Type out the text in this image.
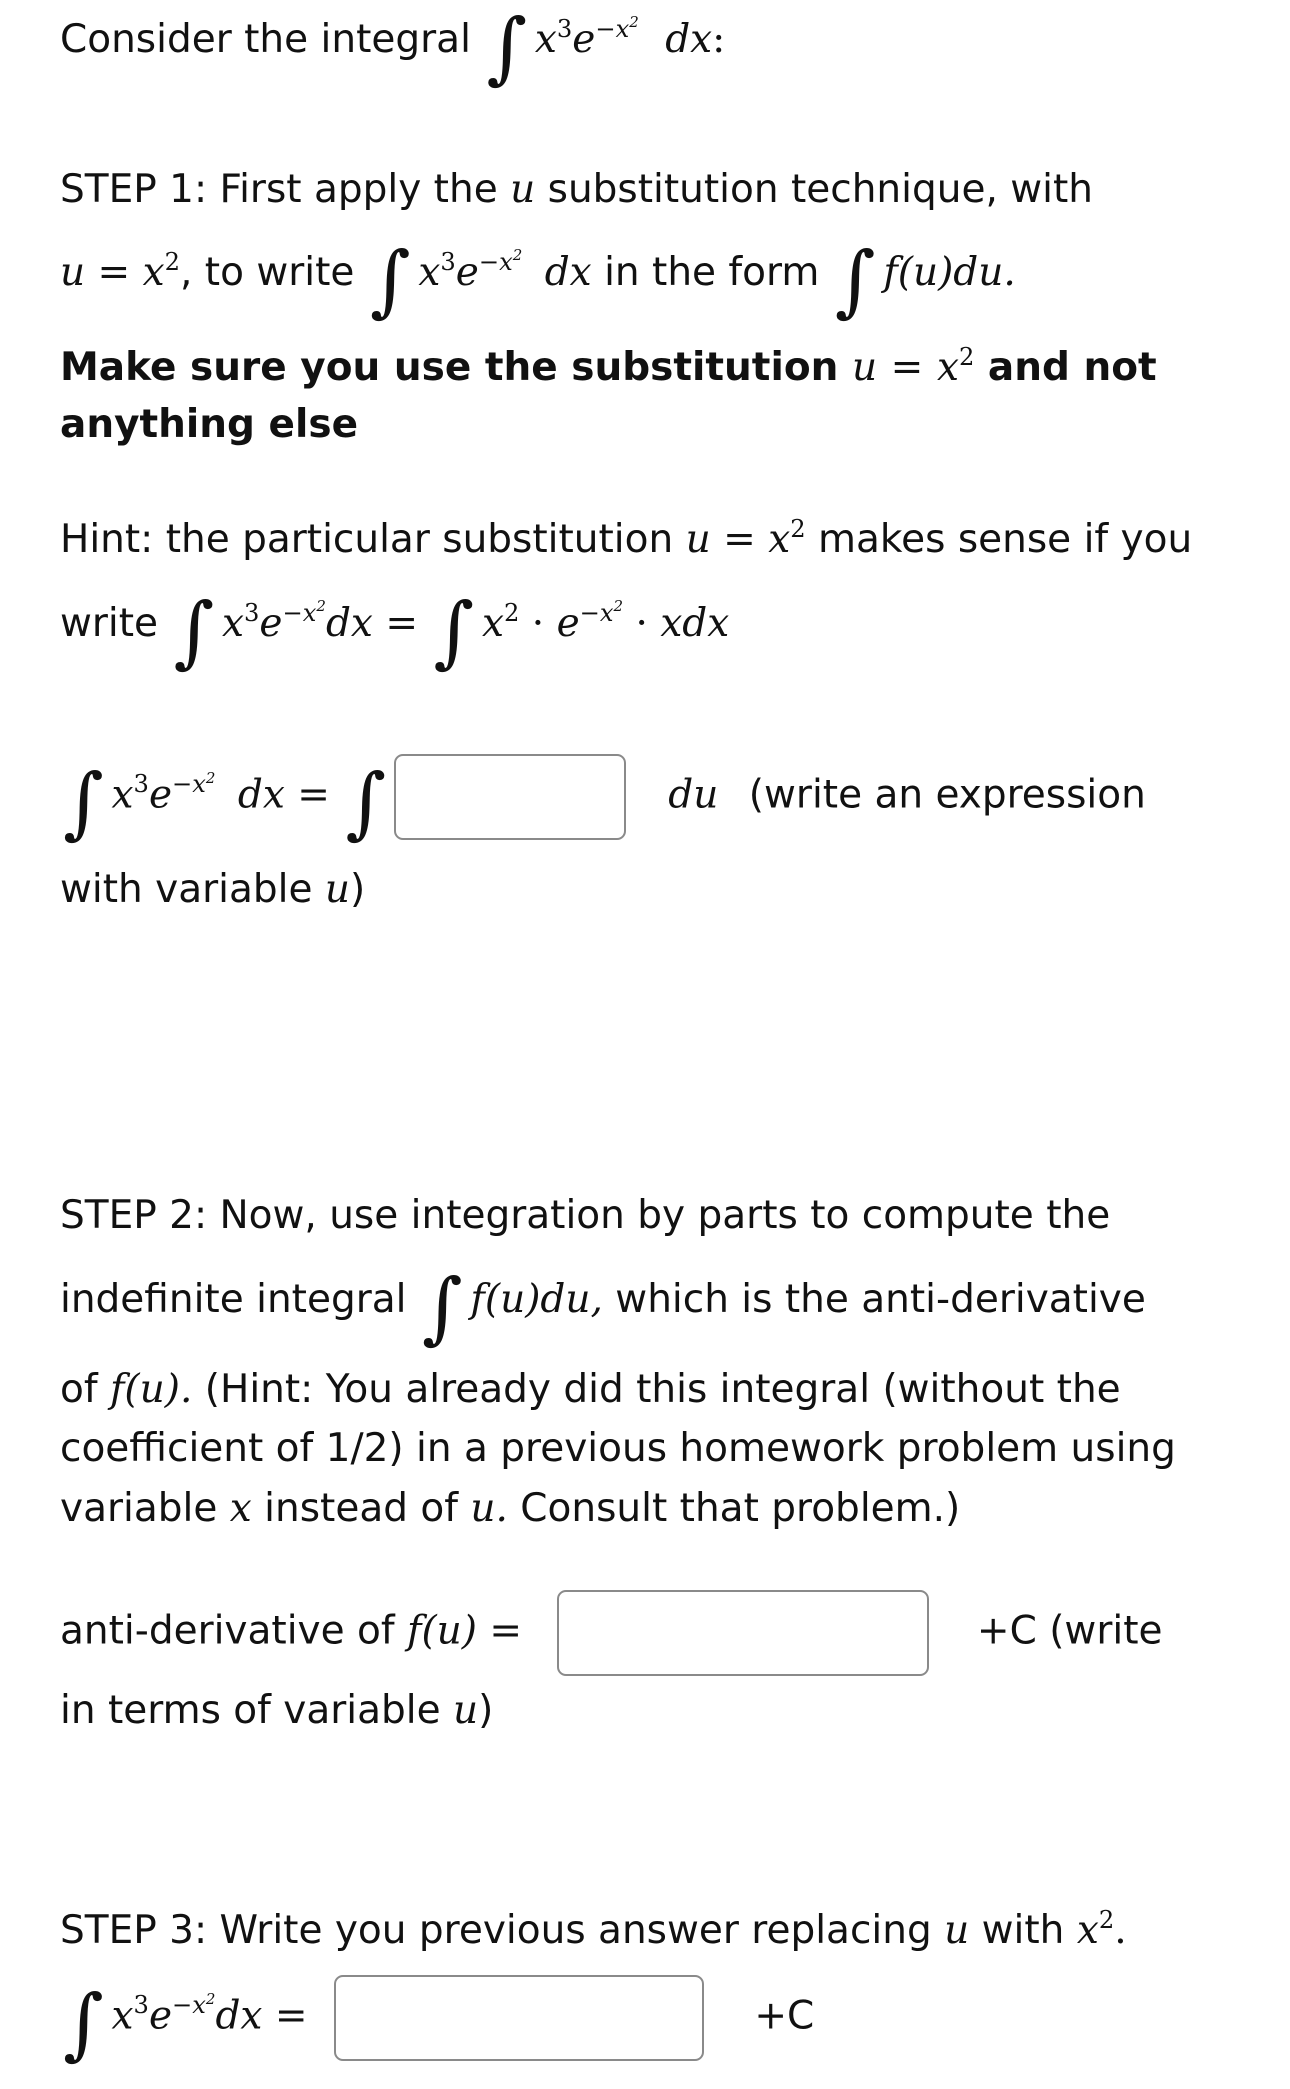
Consider the integral ∫ $x^3e^{-x^2}$ dx:
STEP 1: First apply the u substitution technique, with
$u = x^2$, to write ∫ $x^3e^{-x^2}$ dx in the form ∫ f(u)du.
Make sure you use the substitution $u = x^2$ and not
anything else
Hint: the particular substitution $u = x^2$ makes sense if you
write ∫ $x^3e^{-x^2}dx$ = ∫ $x^2 \cdot e^{-x^2}$ · xdx
∫ $x^3e^{-x^2}$ dx = ∫	du (write an expression
with variable u)
STEP 2: Now, use integration by parts to compute the
indefinite integral ∫ f(u)du, which is the anti-derivative
of f(u). (Hint: You already did this integral (without the
coefficient of 1/2) in a previous homework problem using
variable x instead of u. Consult that problem.)
anti-derivative of f(u) =	+C (write
in terms of variable u)
STEP 3: Write you previous answer replacing u with $x^2$.
∫ $x^3e^{-x^2}dx$ =	+C
